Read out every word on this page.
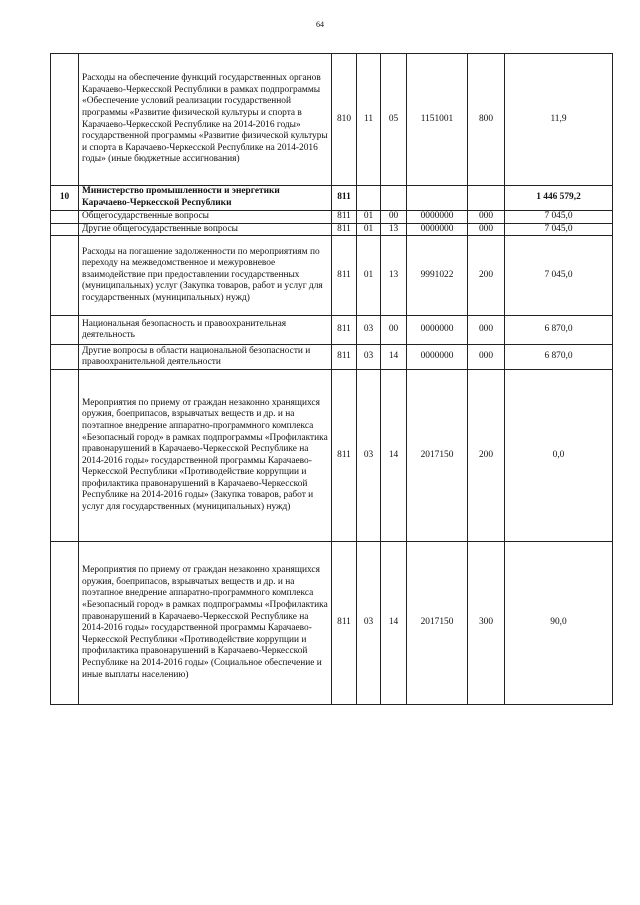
64
	Расходы на обеспечение функций государственных органов Карачаево-Черкесской Республики в рамках подпрограммы «Обеспечение условий реализации государственной программы «Развитие физической культуры и спорта в Карачаево-Черкесской Республике на 2014-2016 годы» государственной программы «Развитие физической культуры и спорта в Карачаево-Черкесской Республике на 2014-2016 годы» (иные бюджетные ассигнования)	810	11	05	1151001	800	11,9
10	Министерство промышленности и энергетики Карачаево-Черкесской Республики	811					1 446 579,2
	Общегосударственные вопросы	811	01	00	0000000	000	7 045,0
	Другие общегосударственные вопросы	811	01	13	0000000	000	7 045,0
	Расходы на погашение задолженности по мероприятиям по переходу на межведомственное и межуровневое взаимодействие при предоставлении государственных (муниципальных) услуг (Закупка товаров, работ и услуг для государственных (муниципальных) нужд)	811	01	13	9991022	200	7 045,0
	Национальная безопасность и правоохранительная деятельность	811	03	00	0000000	000	6 870,0
	Другие вопросы в области национальной безопасности и правоохранительной деятельности	811	03	14	0000000	000	6 870,0
	Мероприятия по приему от граждан незаконно хранящихся оружия, боеприпасов, взрывчатых веществ и др. и на поэтапное внедрение аппаратно-программного комплекса «Безопасный город» в рамках подпрограммы «Профилактика правонарушений в Карачаево-Черкесской Республике на 2014-2016 годы» государственной программы Карачаево-Черкесской Республики «Противодействие коррупции и профилактика правонарушений в Карачаево-Черкесской Республике на 2014-2016 годы» (Закупка товаров, работ и услуг для государственных (муниципальных) нужд)	811	03	14	2017150	200	0,0
	Мероприятия по приему от граждан незаконно хранящихся оружия, боеприпасов, взрывчатых веществ и др. и на поэтапное внедрение аппаратно-программного комплекса «Безопасный город» в рамках подпрограммы «Профилактика правонарушений в Карачаево-Черкесской Республике на 2014-2016 годы» государственной программы Карачаево-Черкесской Республики «Противодействие коррупции и профилактика правонарушений в Карачаево-Черкесской Республике на 2014-2016 годы» (Социальное обеспечение и иные выплаты населению)	811	03	14	2017150	300	90,0
